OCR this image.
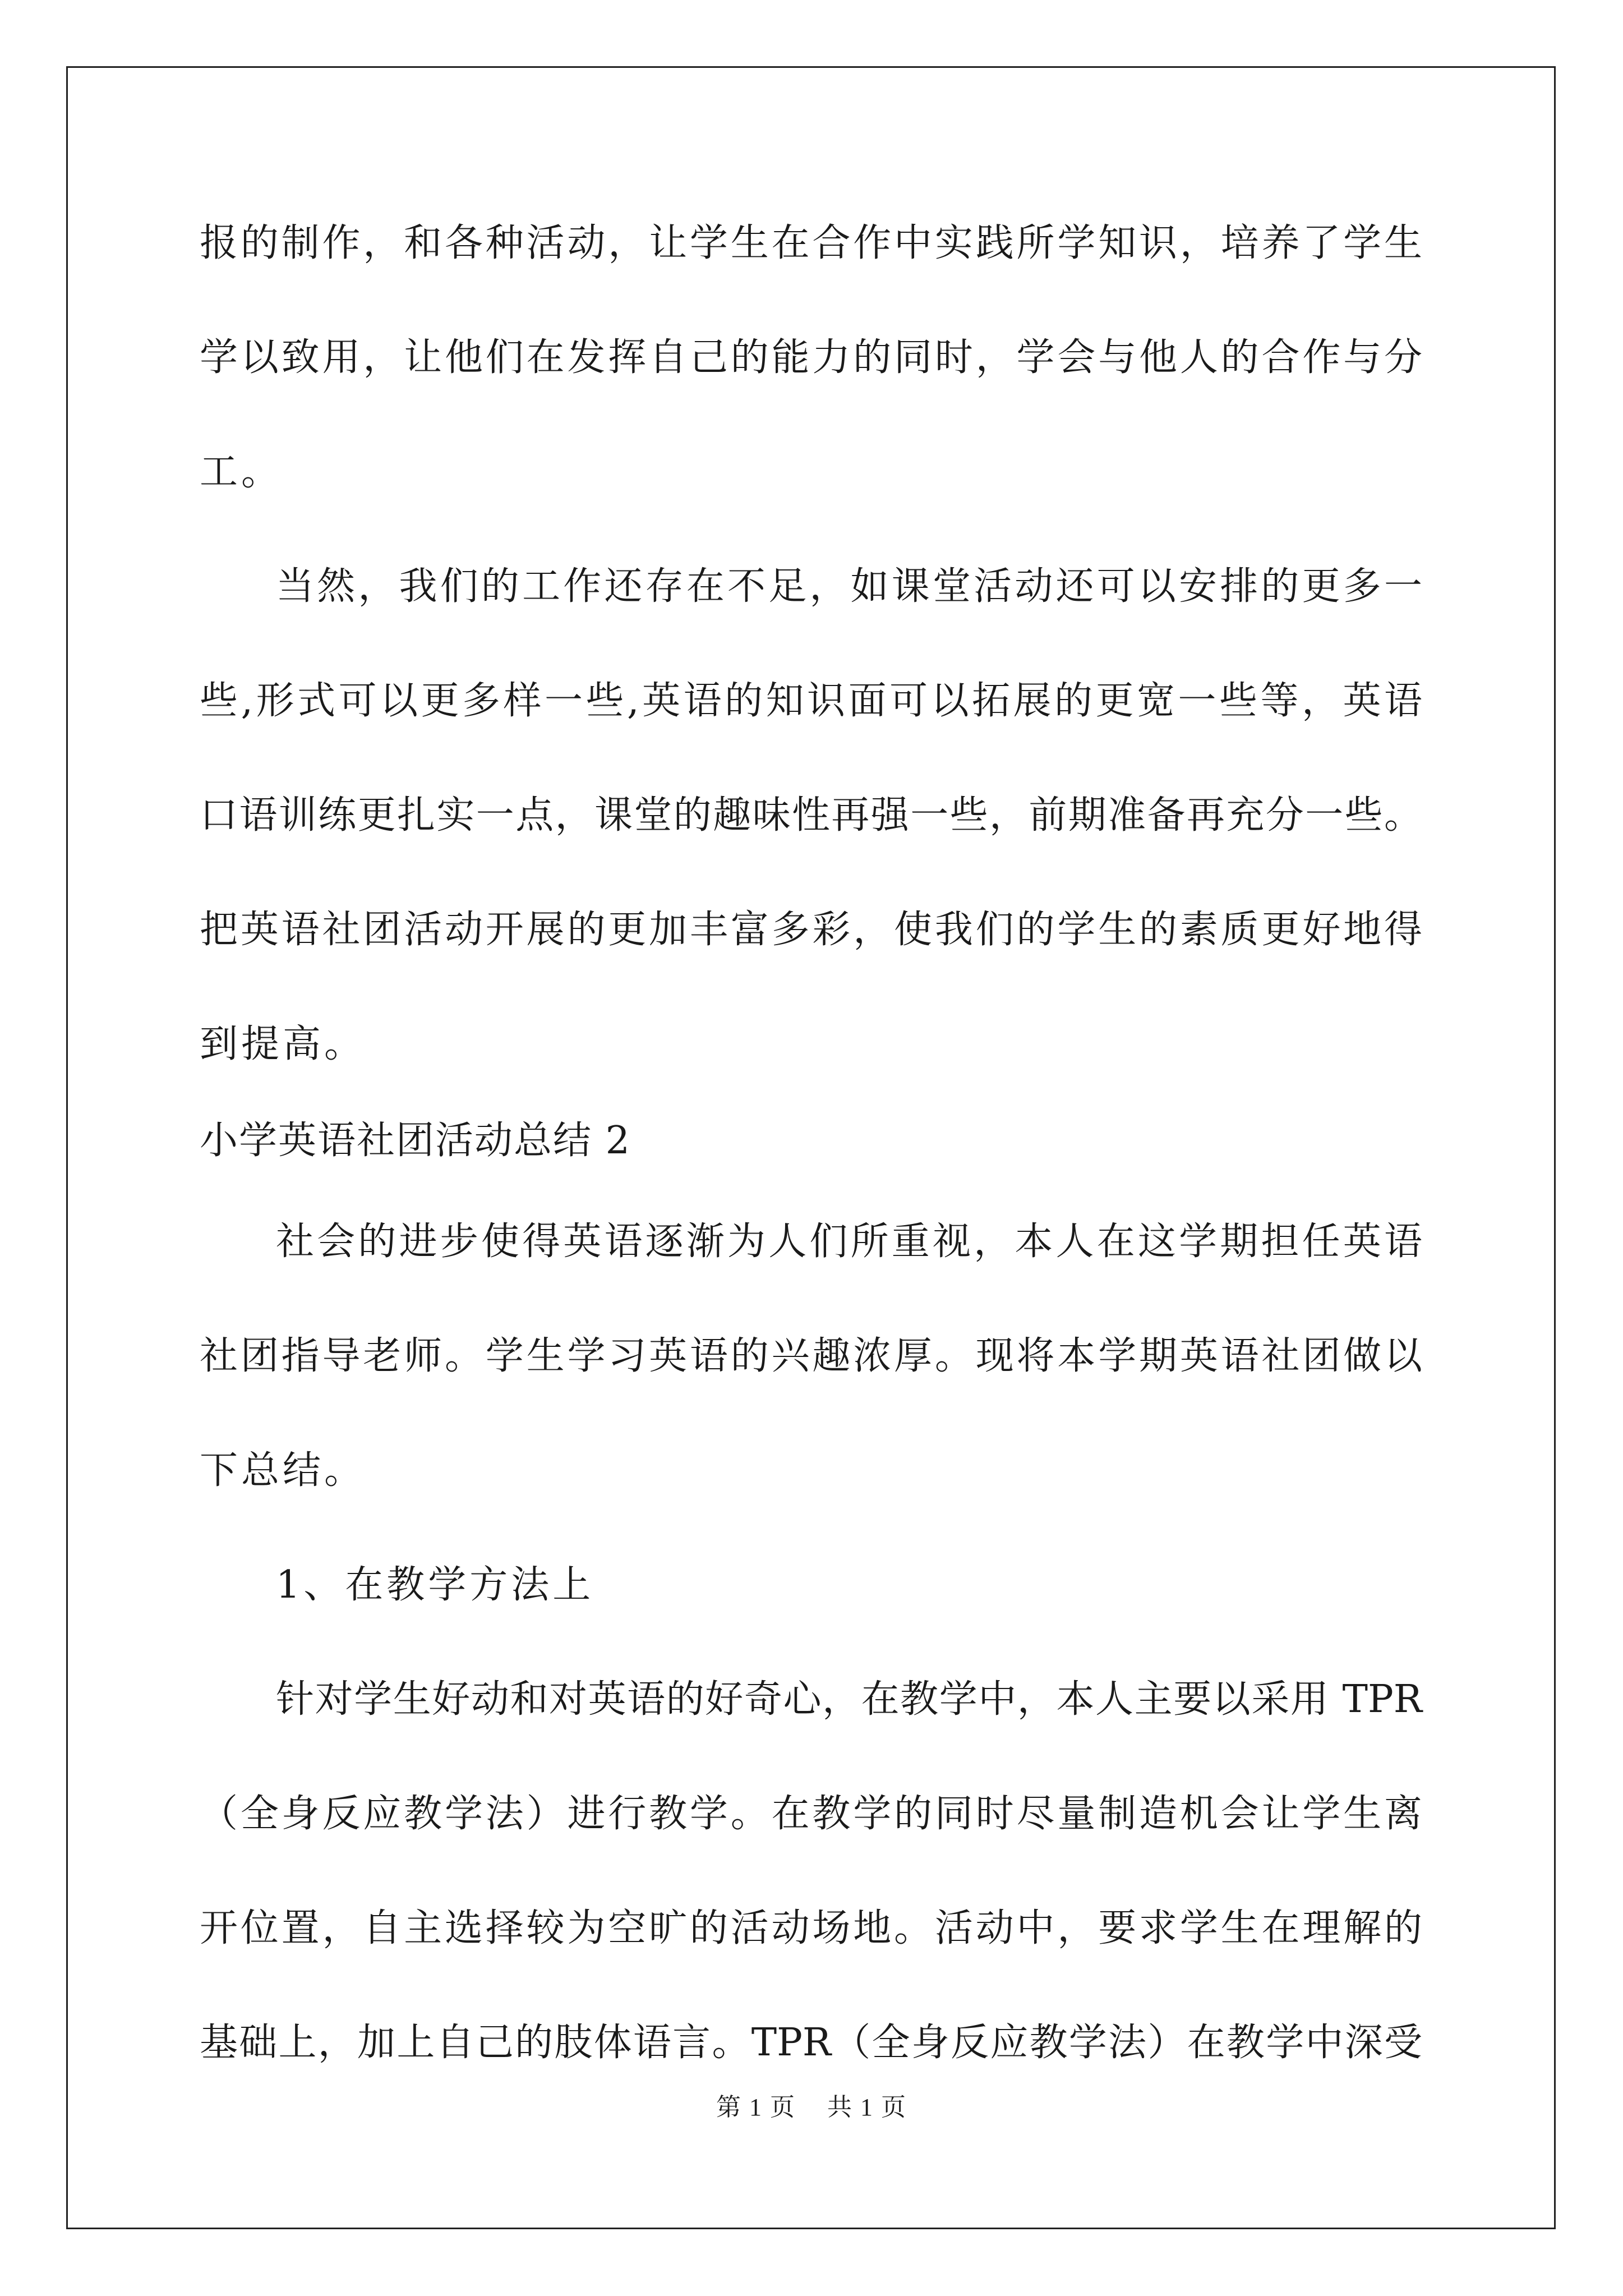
报的制作，和各种活动，让学生在合作中实践所学知识，培养了学生
学以致用，让他们在发挥自己的能力的同时，学会与他人的合作与分
工。
当然，我们的工作还存在不足，如课堂活动还可以安排的更多一
些,形式可以更多样一些,英语的知识面可以拓展的更宽一些等，英语
口语训练更扎实一点，课堂的趣味性再强一些，前期准备再充分一些。
把英语社团活动开展的更加丰富多彩，使我们的学生的素质更好地得
到提高。
小学英语社团活动总结 2
社会的进步使得英语逐渐为人们所重视，本人在这学期担任英语
社团指导老师。学生学习英语的兴趣浓厚。现将本学期英语社团做以
下总结。
1、在教学方法上
针对学生好动和对英语的好奇心，在教学中，本人主要以采用 TPR
（全身反应教学法）进行教学。在教学的同时尽量制造机会让学生离
开位置，自主选择较为空旷的活动场地。活动中，要求学生在理解的
基础上，加上自己的肢体语言。TPR（全身反应教学法）在教学中深受
第 1 页 共 1 页
